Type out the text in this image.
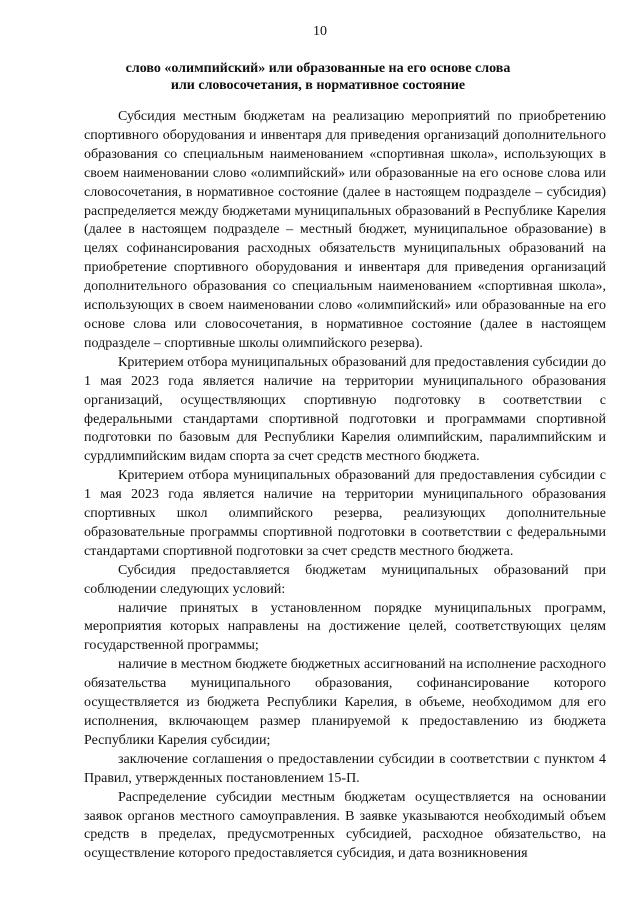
10
слово «олимпийский» или образованные на его основе слова
или словосочетания, в нормативное состояние

Субсидия местным бюджетам на реализацию мероприятий по приобретению спортивного оборудования и инвентаря для приведения организаций дополнительного образования со специальным наименованием «спортивная школа», использующих в своем наименовании слово «олимпийский» или образованные на его основе слова или словосочетания, в нормативное состояние (далее в настоящем подразделе – субсидия) распределяется между бюджетами муниципальных образований в Республике Карелия (далее в настоящем подразделе – местный бюджет, муниципальное образование) в целях софинансирования расходных обязательств муниципальных образований на приобретение спортивного оборудования и инвентаря для приведения организаций дополнительного образования со специальным наименованием «спортивная школа», использующих в своем наименовании слово «олимпийский» или образованные на его основе слова или словосочетания, в нормативное состояние (далее в настоящем подразделе – спортивные школы олимпийского резерва).

Критерием отбора муниципальных образований для предоставления субсидии до 1 мая 2023 года является наличие на территории муниципального образования организаций, осуществляющих спортивную подготовку в соответствии с федеральными стандартами спортивной подготовки и программами спортивной подготовки по базовым для Республики Карелия олимпийским, паралимпийским и сурдлимпийским видам спорта за счет средств местного бюджета.

Критерием отбора муниципальных образований для предоставления субсидии с 1 мая 2023 года является наличие на территории муниципального образования спортивных школ олимпийского резерва, реализующих дополнительные образовательные программы спортивной подготовки в соответствии с федеральными стандартами спортивной подготовки за счет средств местного бюджета.

Субсидия предоставляется бюджетам муниципальных образований при соблюдении следующих условий:

наличие принятых в установленном порядке муниципальных программ, мероприятия которых направлены на достижение целей, соответствующих целям государственной программы;

наличие в местном бюджете бюджетных ассигнований на исполнение расходного обязательства муниципального образования, софинансирование которого осуществляется из бюджета Республики Карелия, в объеме, необходимом для его исполнения, включающем размер планируемой к предоставлению из бюджета Республики Карелия субсидии;

заключение соглашения о предоставлении субсидии в соответствии с пунктом 4 Правил, утвержденных постановлением 15-П.

Распределение субсидии местным бюджетам осуществляется на основании заявок органов местного самоуправления. В заявке указываются необходимый объем средств в пределах, предусмотренных субсидией, расходное обязательство, на осуществление которого предоставляется субсидия, и дата возникновения
